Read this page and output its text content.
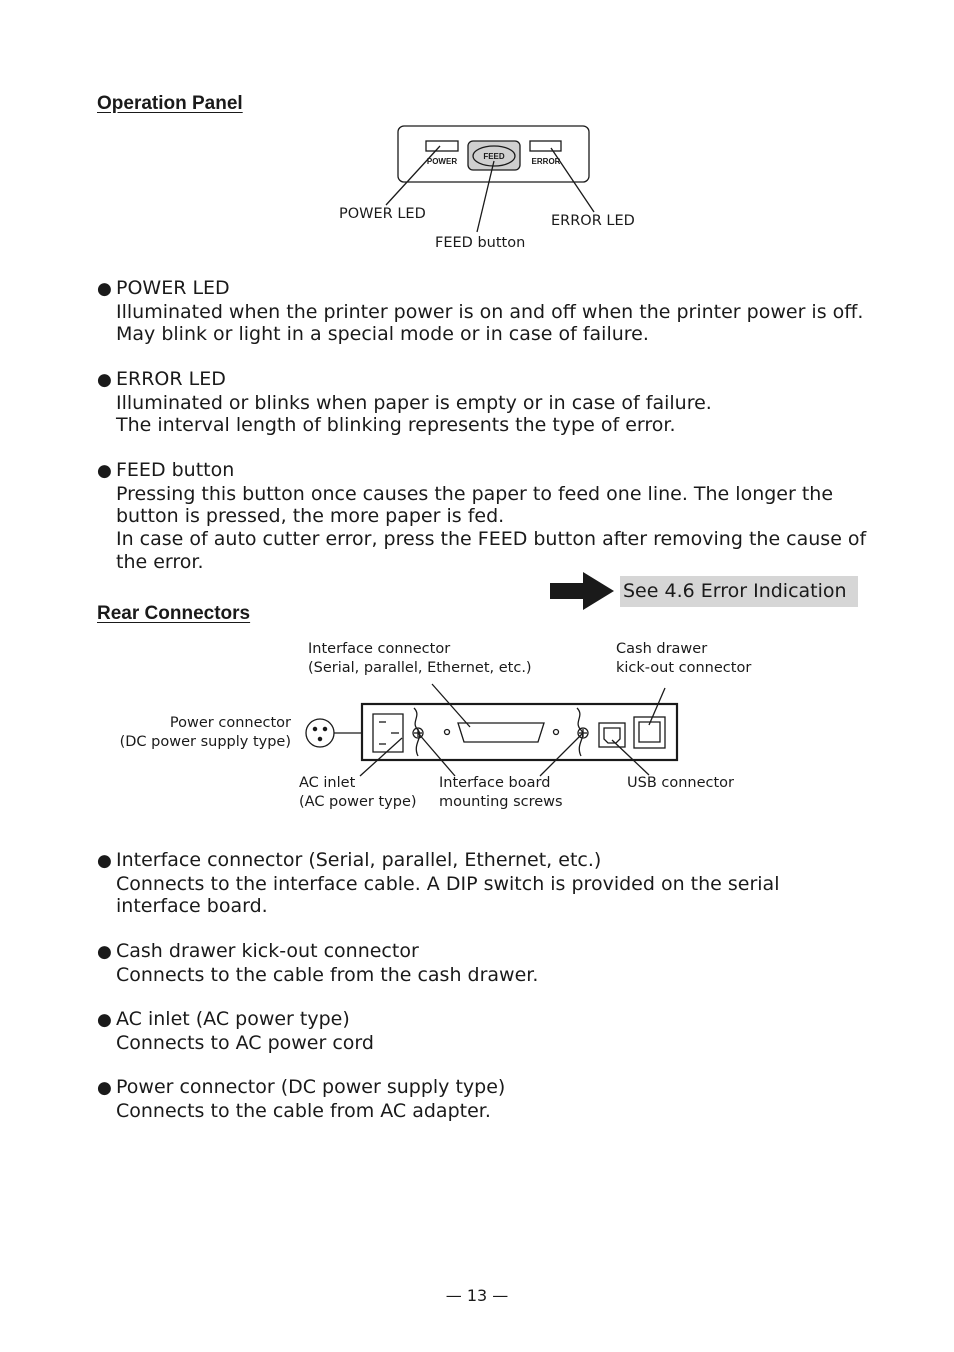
Operation Panel
POWER
FEED
ERROR
POWER LED	ERROR LED
FEED button
● POWER LED
Illuminated when the printer power is on and off when the printer power is off. May blink or light in a special mode or in case of failure.
● ERROR LED
Illuminated or blinks when paper is empty or in case of failure.
The interval length of blinking represents the type of error.
● FEED button
Pressing this button once causes the paper to feed one line. The longer the button is pressed, the more paper is fed.
In case of auto cutter error, press the FEED button after removing the cause of the error.
See 4.6 Error Indication
Rear Connectors
Interface connector
(Serial, parallel, Ethernet, etc.)
Cash drawer
kick-out connector
Power connector
(DC power supply type)
AC inlet
(AC power type)
Interface board
mounting screws
USB connector
● Interface connector (Serial, parallel, Ethernet, etc.)
Connects to the interface cable. A DIP switch is provided on the serial interface board.
● Cash drawer kick-out connector
Connects to the cable from the cash drawer.
● AC inlet (AC power type)
Connects to AC power cord
● Power connector (DC power supply type)
Connects to the cable from AC adapter.
— 13 —
